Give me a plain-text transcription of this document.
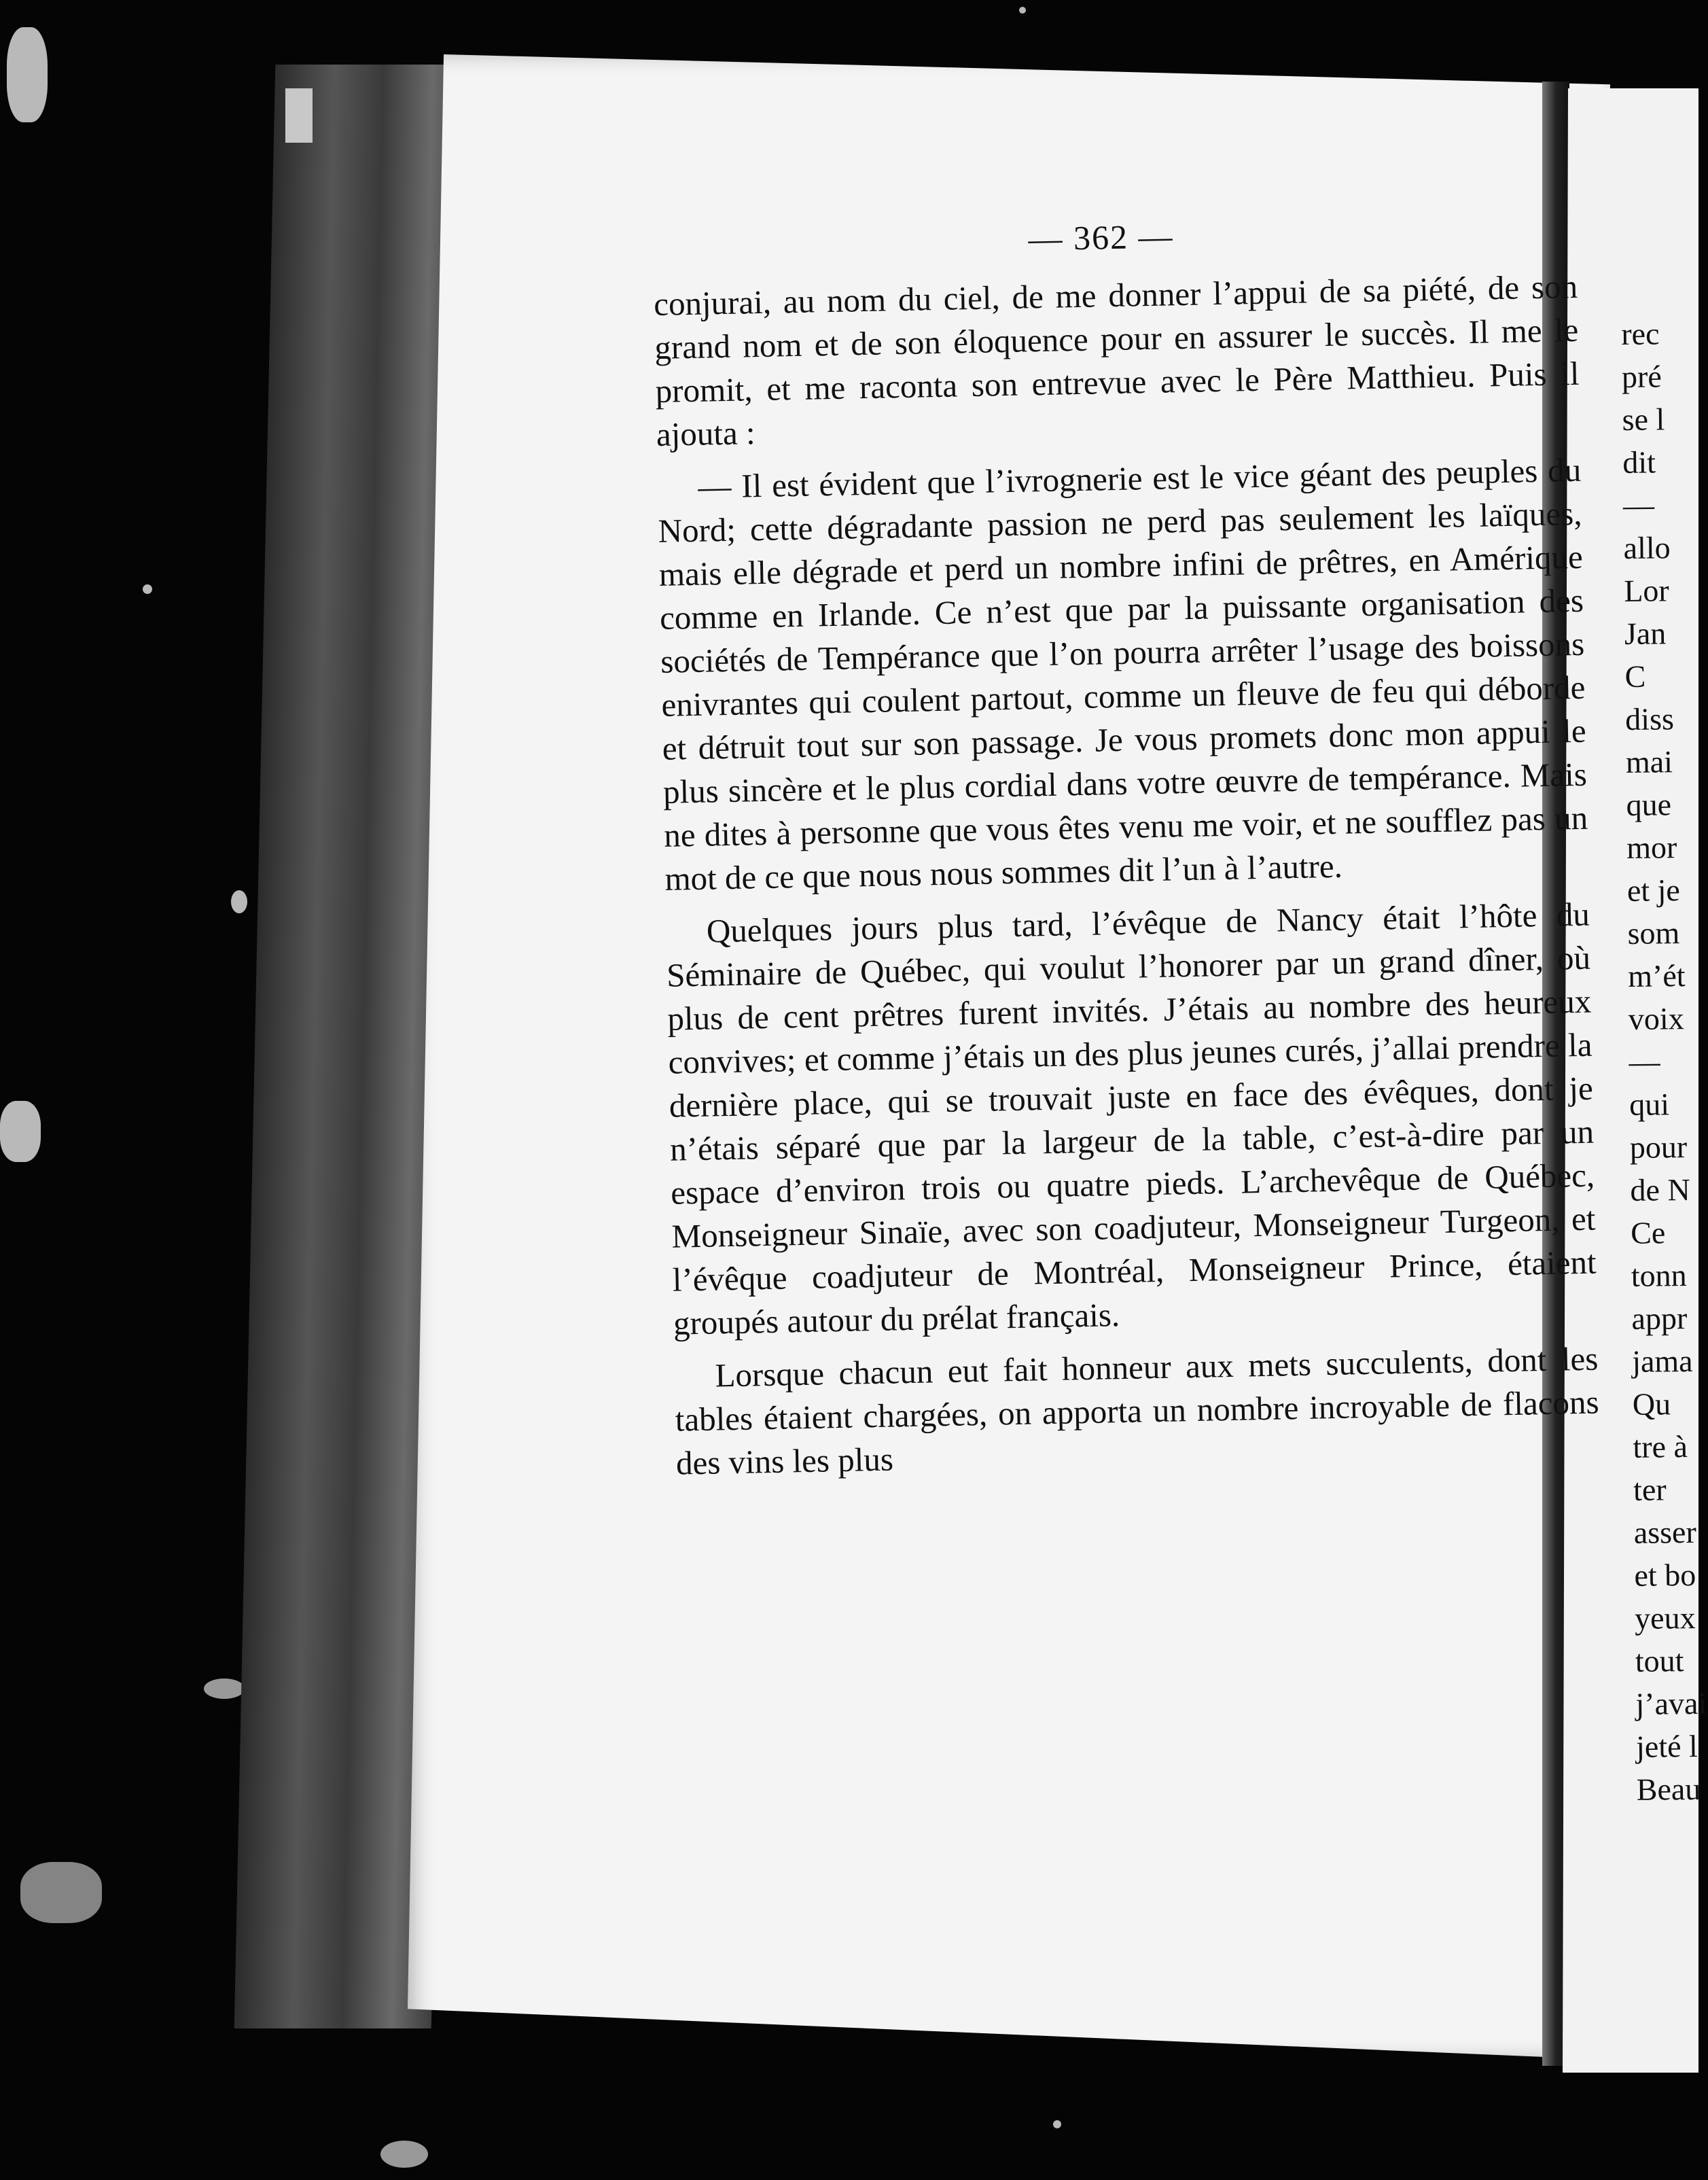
— 362 —

conjurai, au nom du ciel, de me donner l’appui de sa piété, de son grand nom et de son éloquence pour en assurer le succès. Il me le promit, et me raconta son entrevue avec le Père Matthieu. Puis il ajouta :

— Il est évident que l’ivrognerie est le vice géant des peuples du Nord; cette dégradante passion ne perd pas seulement les laïques, mais elle dégrade et perd un nombre infini de prêtres, en Amérique comme en Irlande. Ce n’est que par la puissante organisation des sociétés de Tempérance que l’on pourra arrêter l’usage des boissons enivrantes qui coulent partout, comme un fleuve de feu qui déborde et détruit tout sur son passage. Je vous promets donc mon appui le plus sincère et le plus cordial dans votre œuvre de tempérance. Mais ne dites à personne que vous êtes venu me voir, et ne soufflez pas un mot de ce que nous nous sommes dit l’un à l’autre.

Quelques jours plus tard, l’évêque de Nancy était l’hôte du Séminaire de Québec, qui voulut l’honorer par un grand dîner, où plus de cent prêtres furent invités. J’étais au nombre des heureux convives; et comme j’étais un des plus jeunes curés, j’allai prendre la dernière place, qui se trouvait juste en face des évêques, dont je n’étais séparé que par la largeur de la table, c’est-à-dire par un espace d’environ trois ou quatre pieds. L’archevêque de Québec, Monseigneur Sinaïe, avec son coadjuteur, Monseigneur Turgeon, et l’évêque coadjuteur de Montréal, Monseigneur Prince, étaient groupés autour du prélat français.

Lorsque chacun eut fait honneur aux mets succulents, dont les tables étaient chargées, on apporta un nombre incroyable de flacons des vins les plus

rec
pré
se l
dit
—
allo
Lor
Jan
C
diss
mai
que
mor
et je
som
m’ét
voix
—
qui
pour
de N
Ce
tonn
appr
jama
Qu
tre à
ter
asser
et bo
yeux
tout
j’avai
jeté l
Beau
